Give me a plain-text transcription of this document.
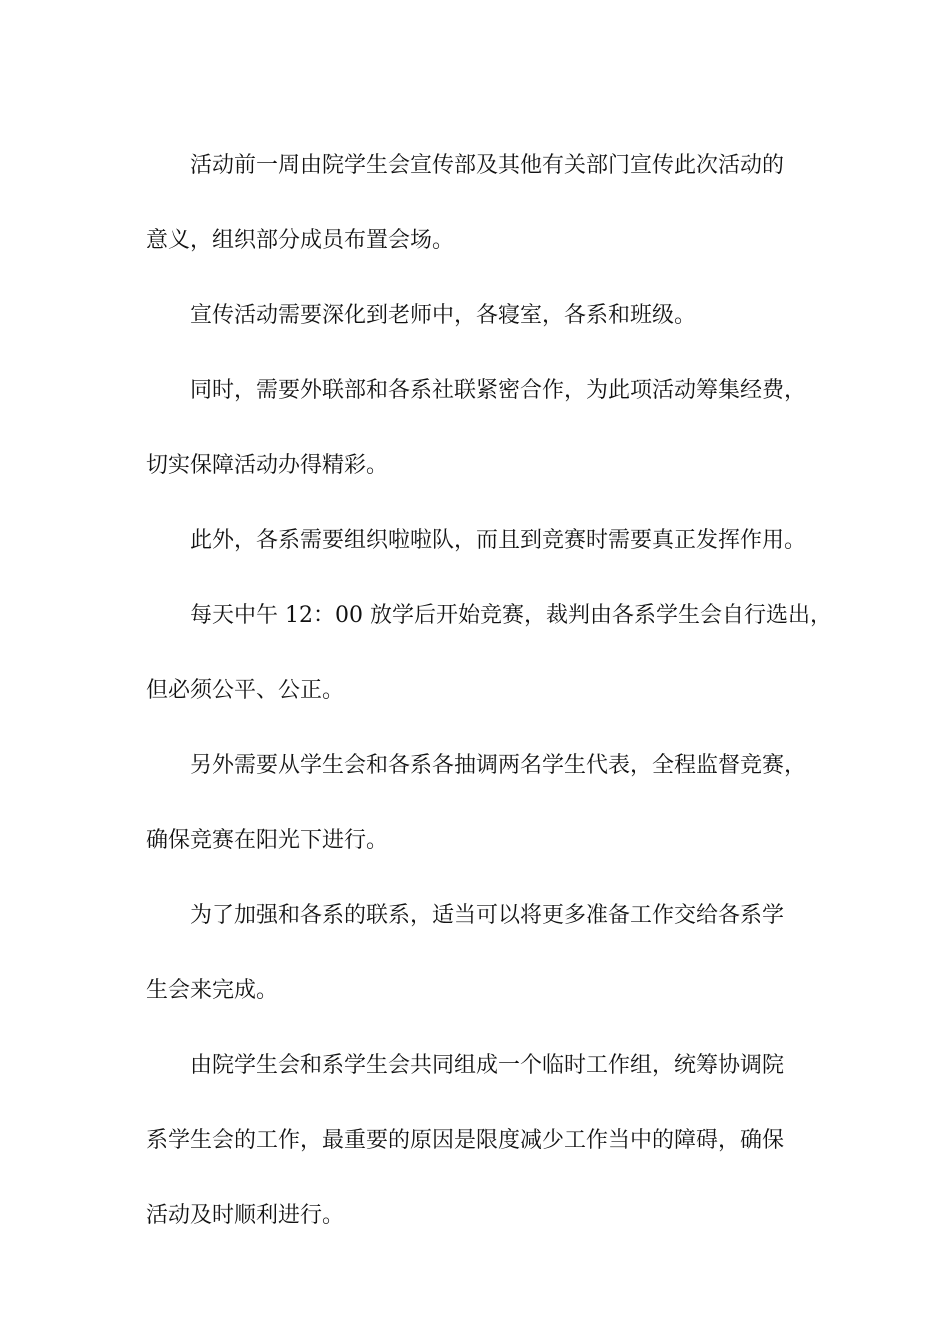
活动前一周由院学生会宣传部及其他有关部门宣传此次活动的
意义，组织部分成员布置会场。
宣传活动需要深化到老师中，各寝室，各系和班级。
同时，需要外联部和各系社联紧密合作，为此项活动筹集经费，
切实保障活动办得精彩。
此外，各系需要组织啦啦队，而且到竞赛时需要真正发挥作用。
每天中午 12：00 放学后开始竞赛，裁判由各系学生会自行选出，
但必须公平、公正。
另外需要从学生会和各系各抽调两名学生代表，全程监督竞赛，
确保竞赛在阳光下进行。
为了加强和各系的联系，适当可以将更多准备工作交给各系学
生会来完成。
由院学生会和系学生会共同组成一个临时工作组，统筹协调院
系学生会的工作，最重要的原因是限度减少工作当中的障碍，确保
活动及时顺利进行。
